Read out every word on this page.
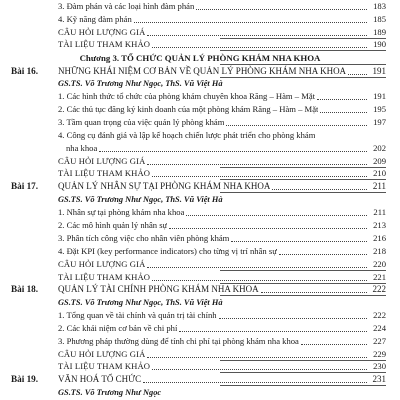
3. Đàm phán và các loại hình đàm phán	183
4. Kỹ năng đàm phán	185
CÂU HỎI LƯỢNG GIÁ	189
TÀI LIỆU THAM KHẢO	190
Chương 3. TỔ CHỨC QUẢN LÝ PHÒNG KHÁM NHA KHOA
Bài 16. NHỮNG KHÁI NIỆM CƠ BẢN VỀ QUẢN LÝ PHÒNG KHÁM NHA KHOA	191
GS.TS. Võ Trương Như Ngọc, ThS. Vũ Việt Hà
1. Các hình thức tổ chức của phòng khám chuyên khoa Răng – Hàm – Mặt	191
2. Các thủ tục đăng ký kinh doanh của một phòng khám Răng – Hàm – Mặt	195
3. Tầm quan trọng của việc quản lý phòng khám	197
4. Công cụ đánh giá và lập kế hoạch chiến lược phát triển cho phòng khám
nha khoa	202
CÂU HỎI LƯỢNG GIÁ	209
TÀI LIỆU THAM KHẢO	210
Bài 17. QUẢN LÝ NHÂN SỰ TẠI PHÒNG KHÁM NHA KHOA	211
GS.TS. Võ Trương Như Ngọc, ThS. Vũ Việt Hà
1. Nhân sự tại phòng khám nha khoa	211
2. Các mô hình quản lý nhân sự	213
3. Phân tích công việc cho nhân viên phòng khám	216
4. Đặt KPI (key performance indicators) cho từng vị trí nhân sự	218
CÂU HỎI LƯỢNG GIÁ	220
TÀI LIỆU THAM KHẢO	221
Bài 18. QUẢN LÝ TÀI CHÍNH PHÒNG KHÁM NHA KHOA	222
GS.TS. Võ Trương Như Ngọc, ThS. Vũ Việt Hà
1. Tổng quan về tài chính và quản trị tài chính	222
2. Các khái niệm cơ bản về chi phí	224
3. Phương pháp thường dùng để tính chi phí tại phòng khám nha khoa	227
CÂU HỎI LƯỢNG GIÁ	229
TÀI LIỆU THAM KHẢO	230
Bài 19. VĂN HOÁ TỔ CHỨC	231
GS.TS. Võ Trương Như Ngọc
